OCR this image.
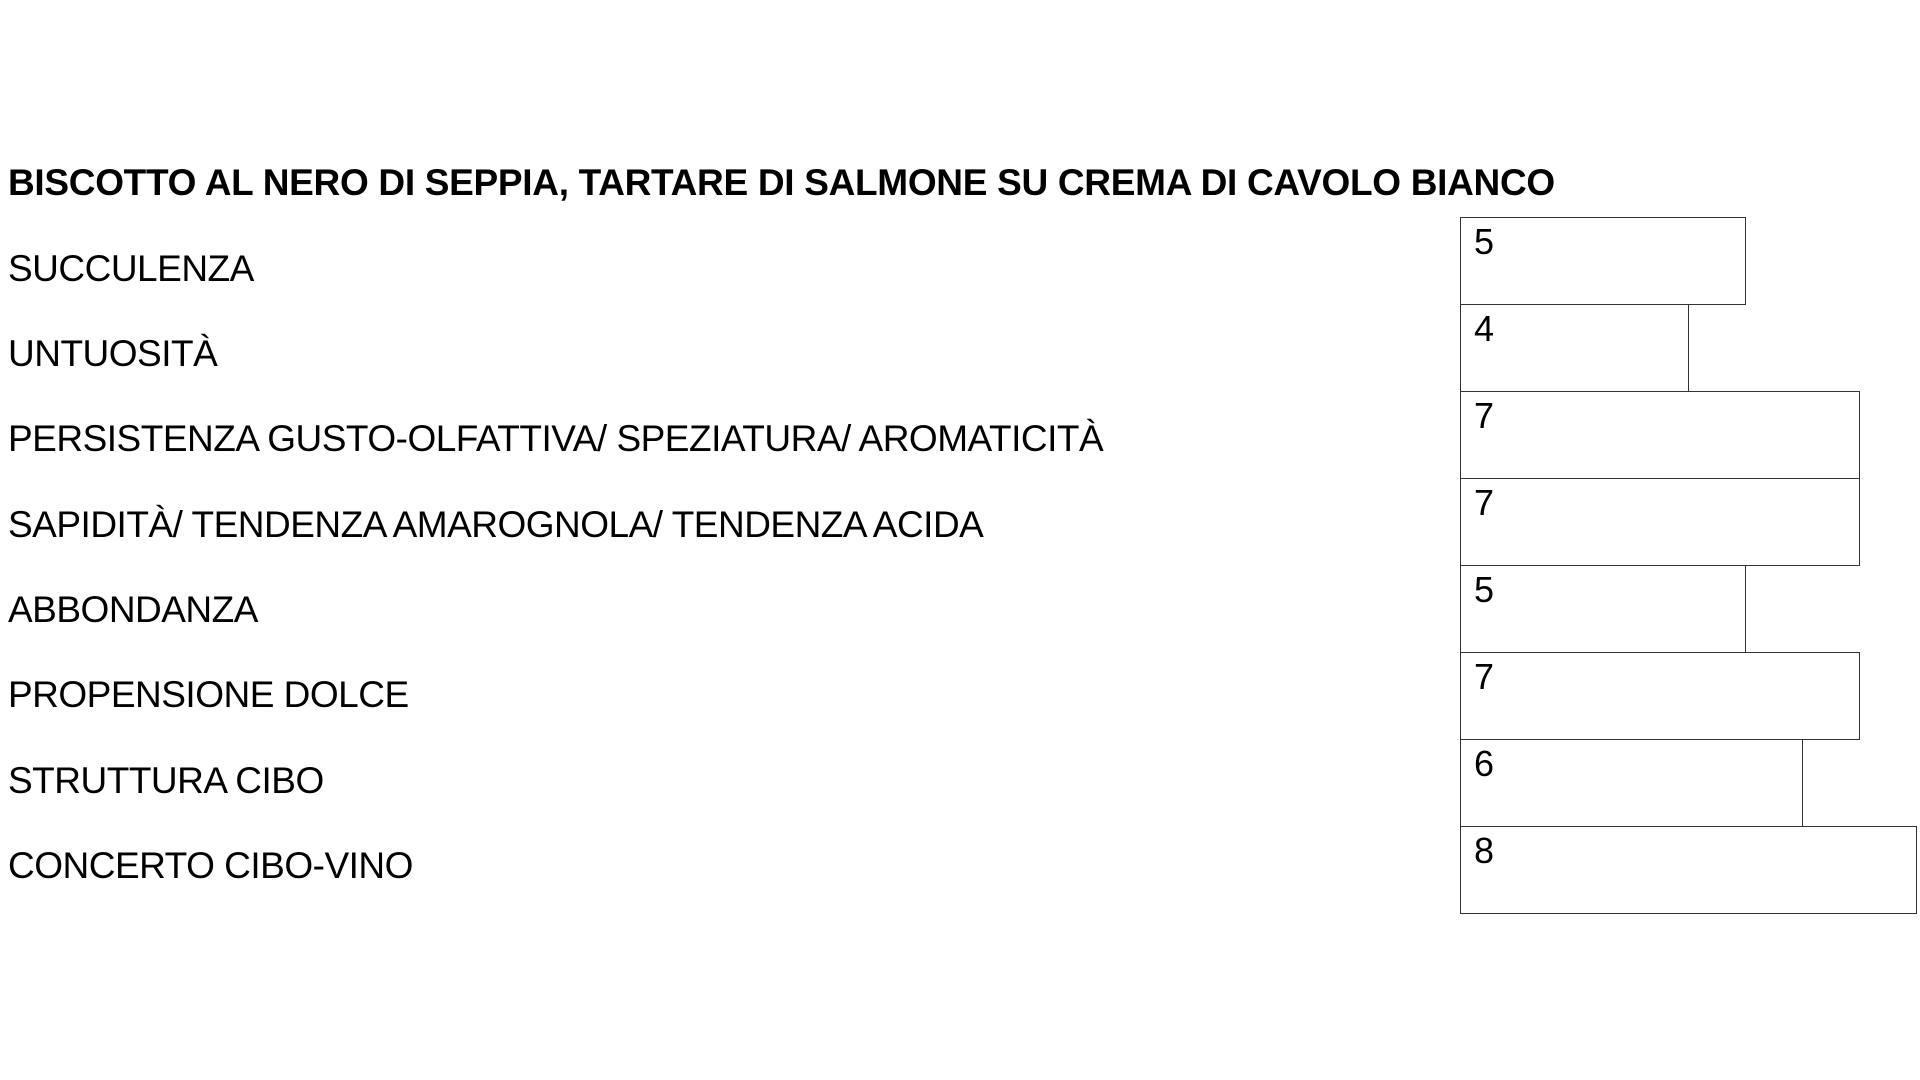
BISCOTTO AL NERO DI SEPPIA, TARTARE DI SALMONE SU CREMA DI CAVOLO BIANCO
SUCCULENZA
UNTUOSITÀ
PERSISTENZA GUSTO-OLFATTIVA/ SPEZIATURA/ AROMATICITÀ
SAPIDITÀ/ TENDENZA AMAROGNOLA/ TENDENZA ACIDA
ABBONDANZA
PROPENSIONE DOLCE
STRUTTURA CIBO
CONCERTO CIBO-VINO
5
4
7
7
5
7
6
8
